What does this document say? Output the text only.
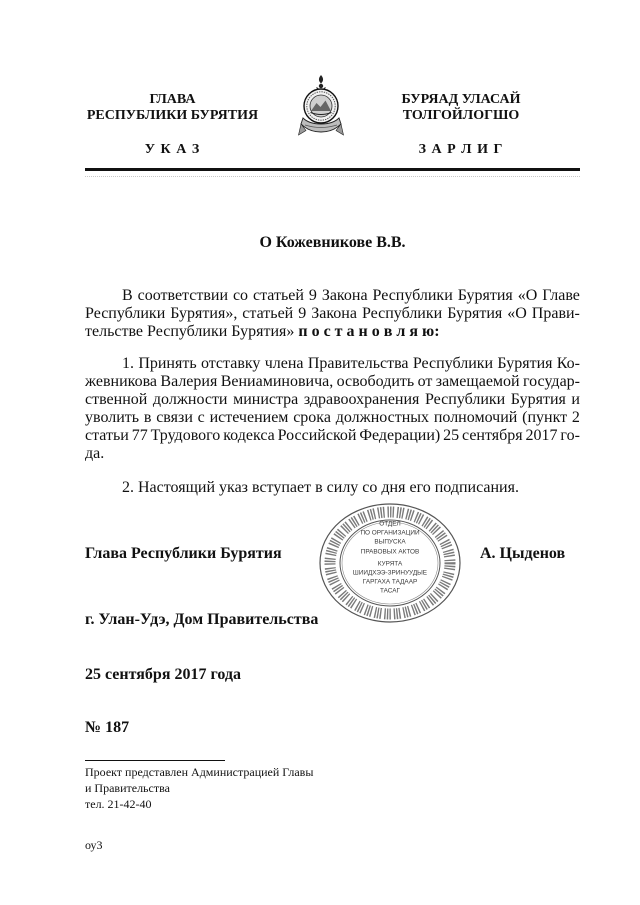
ГЛАВА
РЕСПУБЛИКИ БУРЯТИЯ
У К А З
БУРЯАД УЛАСАЙ
ТОЛГОЙЛОГШО
З А Р Л И Г
О Кожевникове В.В.
В соответствии со статьей 9 Закона Республики Бурятия «О Главе
Республики Бурятия», статьей 9 Закона Республики Бурятия «О Прави-
тельстве Республики Бурятия» п о с т а н о в л я ю:
1. Принять отставку члена Правительства Республики Бурятия Ко-
жевникова Валерия Вениаминовича, освободить от замещаемой государ-
ственной должности министра здравоохранения Республики Бурятия и
уволить в связи с истечением срока должностных полномочий (пункт 2
статьи 77 Трудового кодекса Российской Федерации) 25 сентября 2017 го-
да.
2. Настоящий указ вступает в силу со дня его подписания.
Глава Республики Бурятия	А. Цыденов
ОТДЕЛ
ПО ОРГАНИЗАЦИИ
ВЫПУСКА
ПРАВОВЫХ АКТОВ
КУРЯТА
ШИИДХЭЭ-ЗРИНУУДЫЕ
ГАРГАХА ТАДААР
ТАСАГ
г. Улан-Удэ, Дом Правительства
25 сентября 2017 года
№ 187
Проект представлен Администрацией Главы
и Правительства
тел. 21-42-40
оу3
